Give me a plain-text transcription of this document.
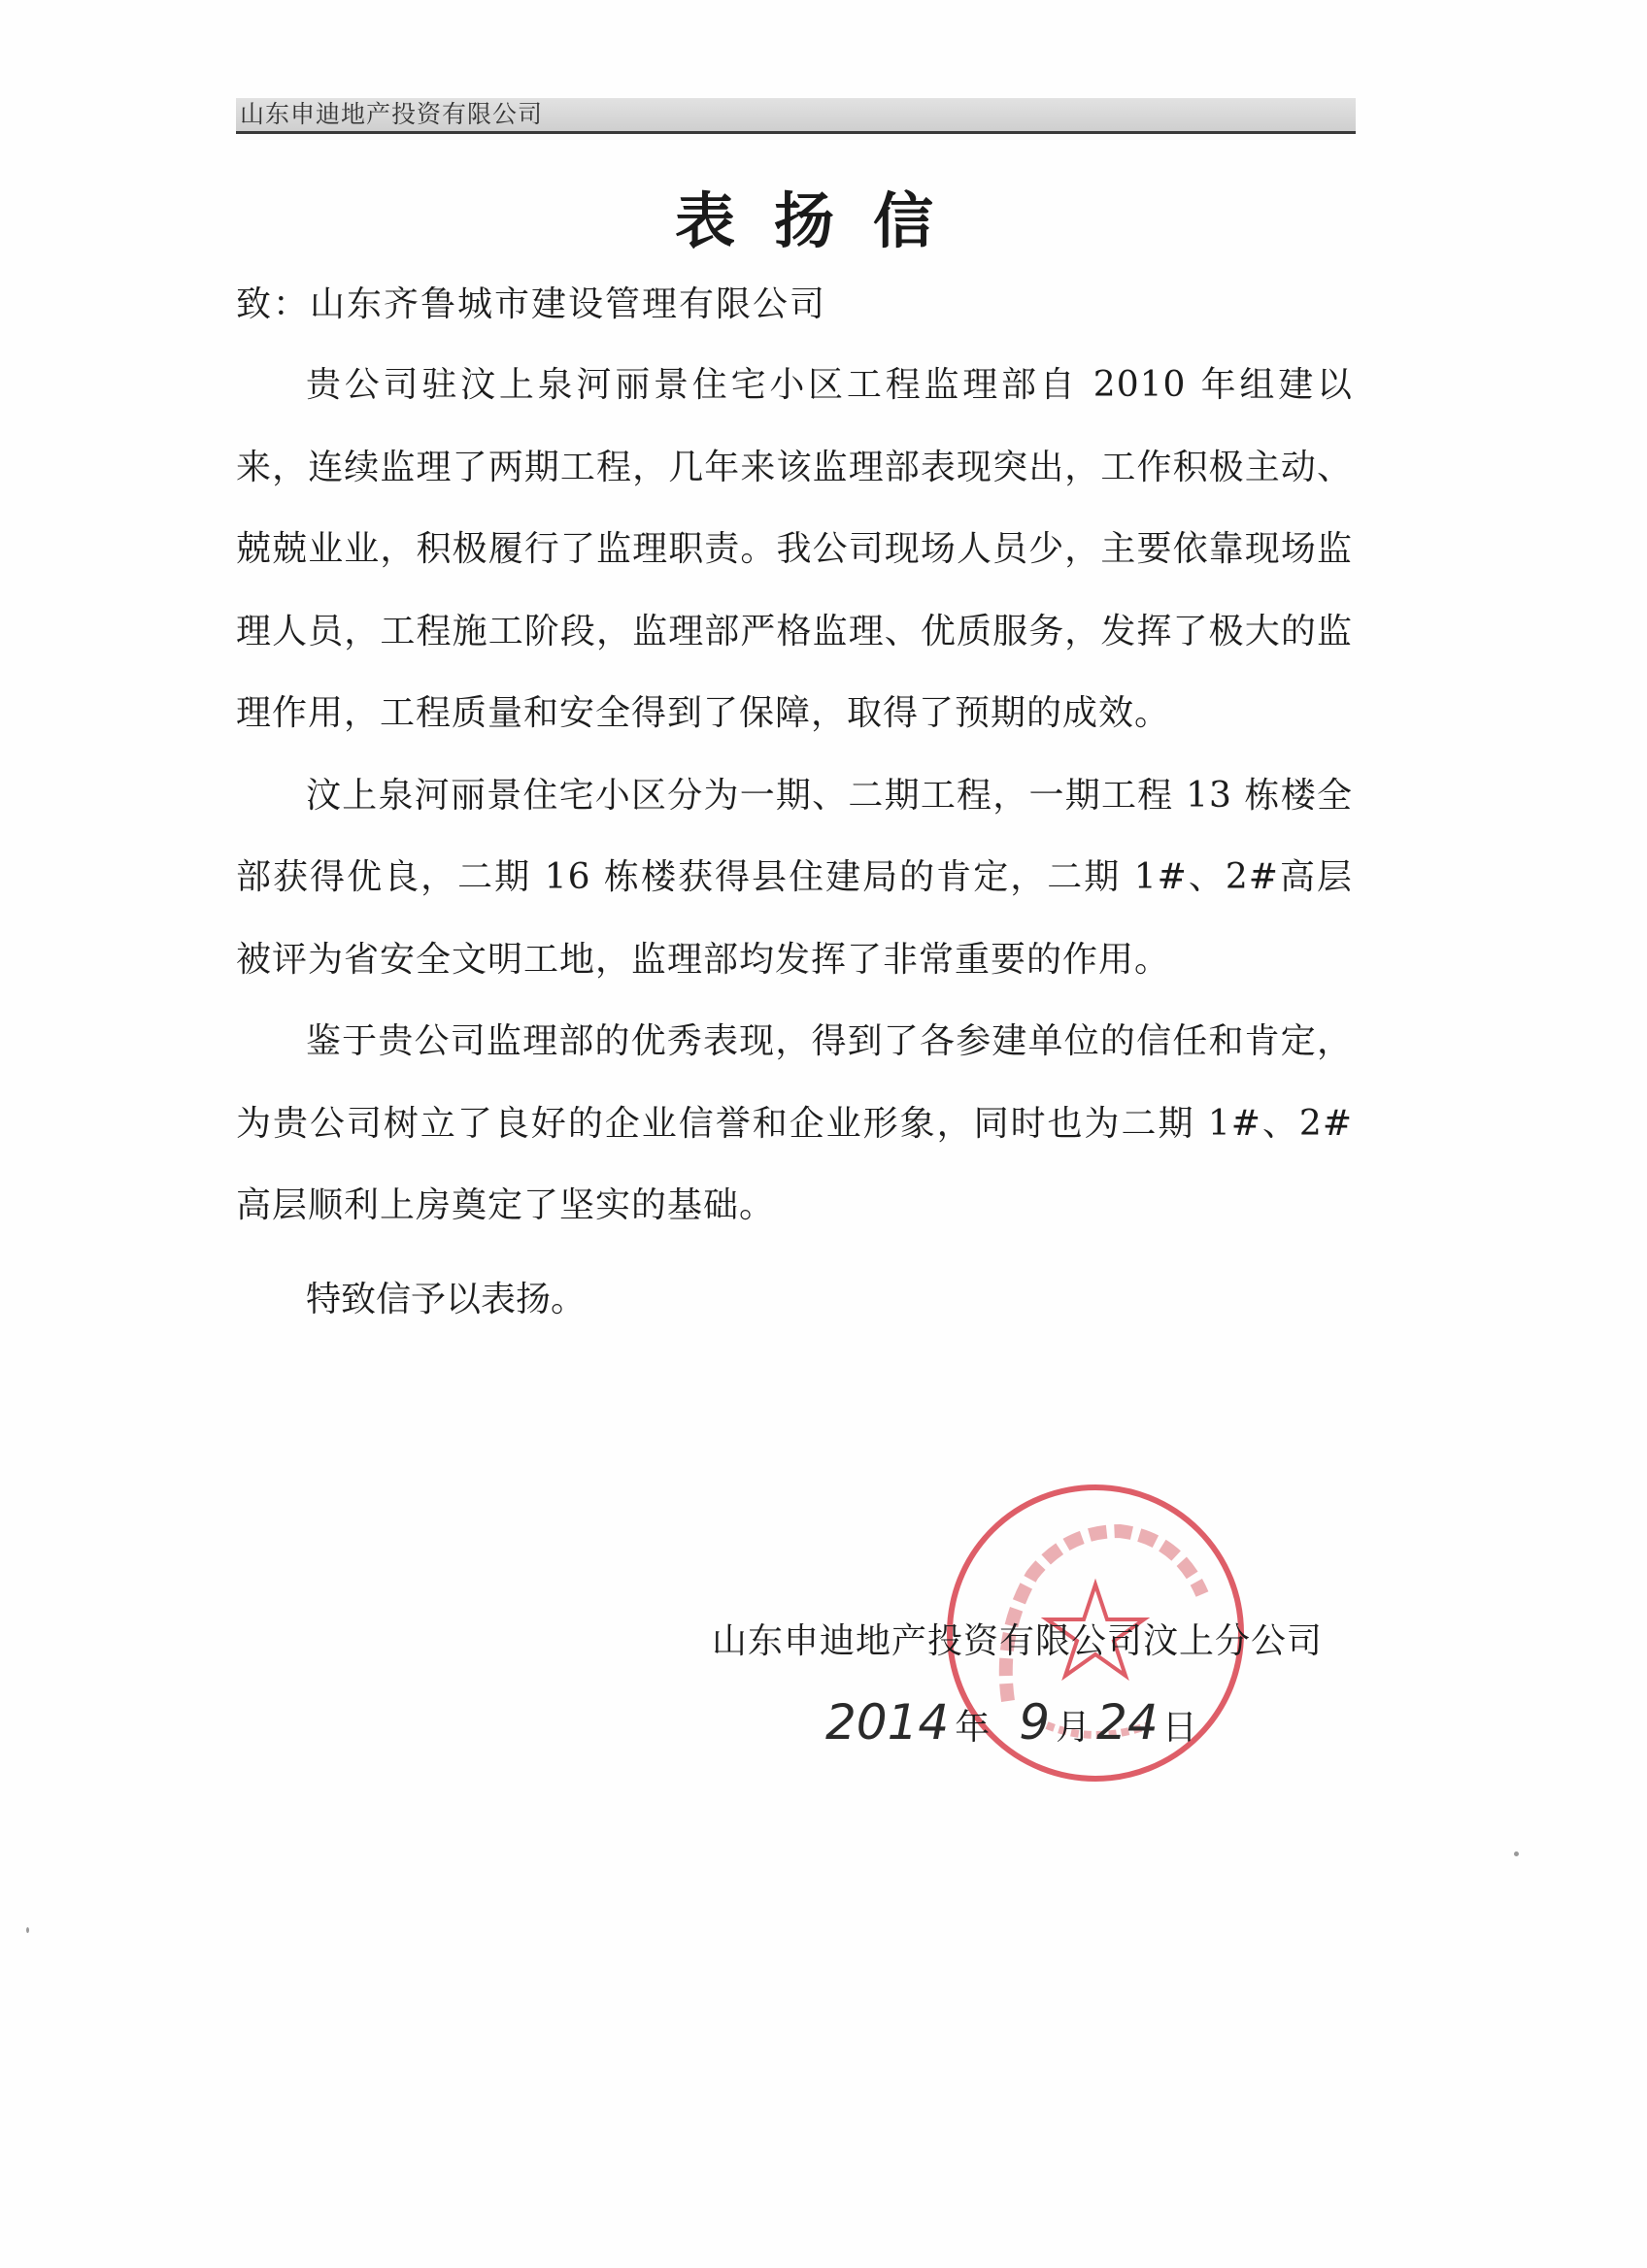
山东申迪地产投资有限公司
表扬信
致：山东齐鲁城市建设管理有限公司

贵公司驻汶上泉河丽景住宅小区工程监理部自 2010 年组建以来，连续监理了两期工程，几年来该监理部表现突出，工作积极主动、兢兢业业，积极履行了监理职责。我公司现场人员少，主要依靠现场监理人员，工程施工阶段，监理部严格监理、优质服务，发挥了极大的监理作用，工程质量和安全得到了保障，取得了预期的成效。

汶上泉河丽景住宅小区分为一期、二期工程，一期工程 13 栋楼全部获得优良，二期 16 栋楼获得县住建局的肯定，二期 1#、2#高层被评为省安全文明工地，监理部均发挥了非常重要的作用。

鉴于贵公司监理部的优秀表现，得到了各参建单位的信任和肯定，为贵公司树立了良好的企业信誉和企业形象，同时也为二期 1#、2#高层顺利上房奠定了坚实的基础。

特致信予以表扬。
山东申迪地产投资有限公司汶上分公司
2014 年 9 月 24 日
